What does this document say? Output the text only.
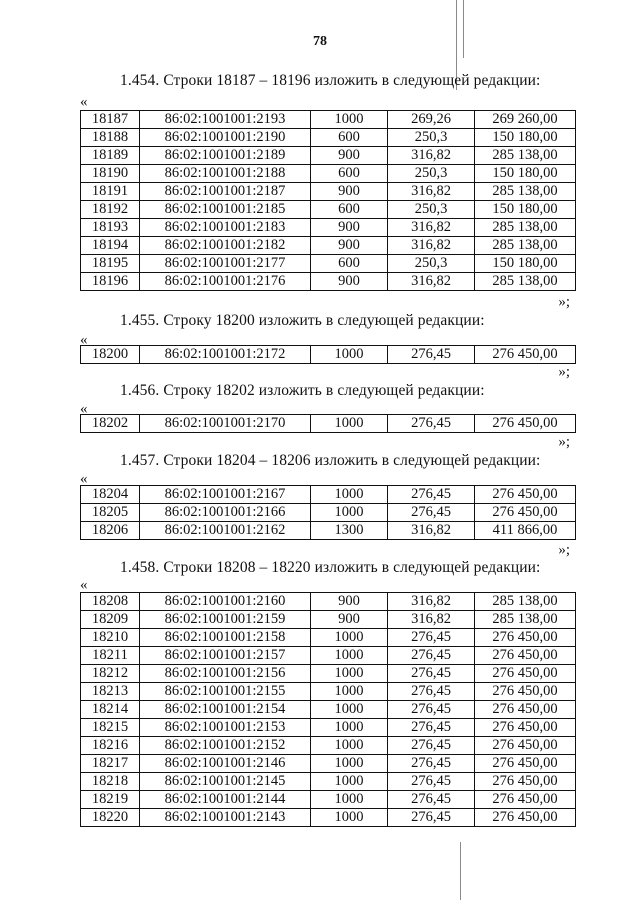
78
1.454. Строки 18187 – 18196 изложить в следующей редакции:
«
18187	86:02:1001001:2193	1000	269,26	269 260,00
18188	86:02:1001001:2190	600	250,3	150 180,00
18189	86:02:1001001:2189	900	316,82	285 138,00
18190	86:02:1001001:2188	600	250,3	150 180,00
18191	86:02:1001001:2187	900	316,82	285 138,00
18192	86:02:1001001:2185	600	250,3	150 180,00
18193	86:02:1001001:2183	900	316,82	285 138,00
18194	86:02:1001001:2182	900	316,82	285 138,00
18195	86:02:1001001:2177	600	250,3	150 180,00
18196	86:02:1001001:2176	900	316,82	285 138,00
»;
1.455. Строку 18200 изложить в следующей редакции:
«
18200	86:02:1001001:2172	1000	276,45	276 450,00
»;
1.456. Строку 18202 изложить в следующей редакции:
«
18202	86:02:1001001:2170	1000	276,45	276 450,00
»;
1.457. Строки 18204 – 18206 изложить в следующей редакции:
«
18204	86:02:1001001:2167	1000	276,45	276 450,00
18205	86:02:1001001:2166	1000	276,45	276 450,00
18206	86:02:1001001:2162	1300	316,82	411 866,00
»;
1.458. Строки 18208 – 18220 изложить в следующей редакции:
«
18208	86:02:1001001:2160	900	316,82	285 138,00
18209	86:02:1001001:2159	900	316,82	285 138,00
18210	86:02:1001001:2158	1000	276,45	276 450,00
18211	86:02:1001001:2157	1000	276,45	276 450,00
18212	86:02:1001001:2156	1000	276,45	276 450,00
18213	86:02:1001001:2155	1000	276,45	276 450,00
18214	86:02:1001001:2154	1000	276,45	276 450,00
18215	86:02:1001001:2153	1000	276,45	276 450,00
18216	86:02:1001001:2152	1000	276,45	276 450,00
18217	86:02:1001001:2146	1000	276,45	276 450,00
18218	86:02:1001001:2145	1000	276,45	276 450,00
18219	86:02:1001001:2144	1000	276,45	276 450,00
18220	86:02:1001001:2143	1000	276,45	276 450,00
